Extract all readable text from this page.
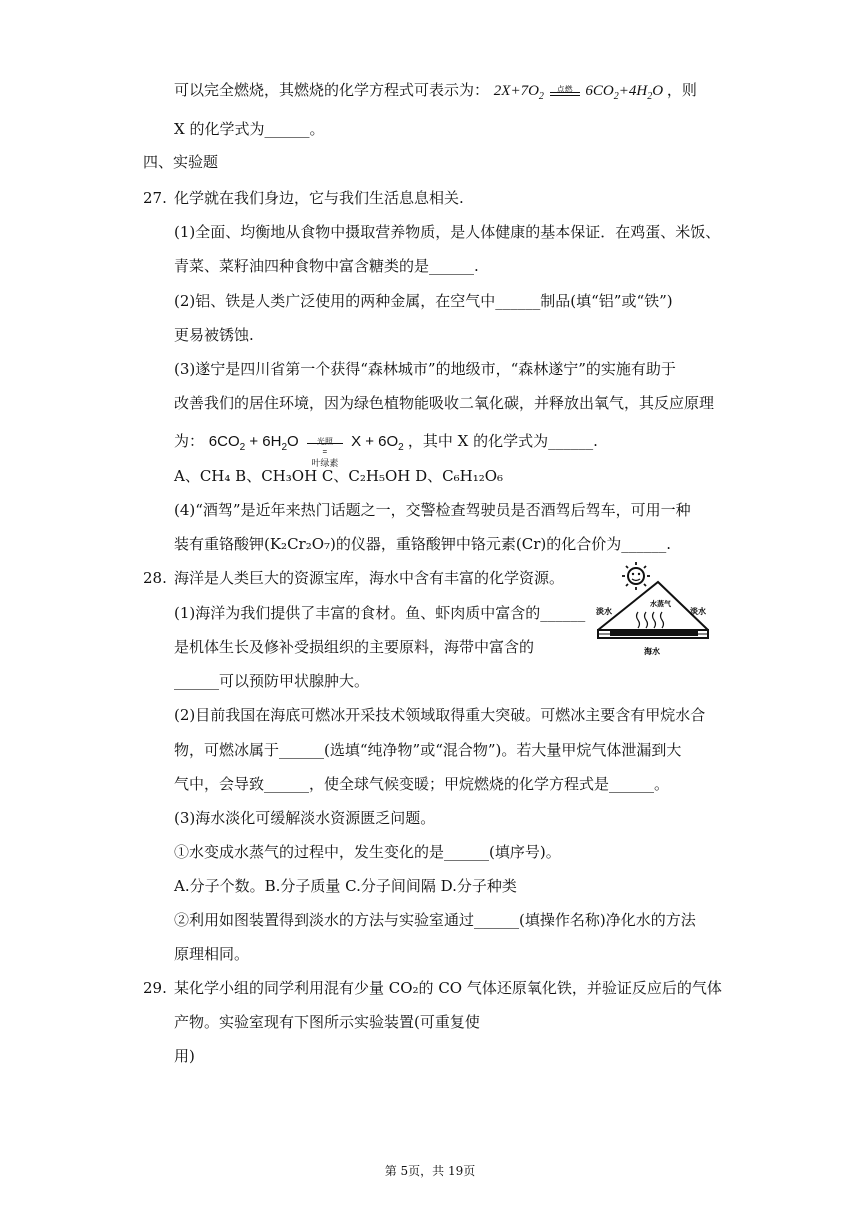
可以完全燃烧，其燃烧的化学方程式可表示为： $2X+7O_2$
点燃 $6CO_2+4H_2O$ ，则
X 的化学式为______。
四、实验题
27. 化学就在我们身边，它与我们生活息息相关.
(1)全面、均衡地从食物中摄取营养物质，是人体健康的基本保证．在鸡蛋、米饭、
青菜、菜籽油四种食物中富含糖类的是______.
(2)铝、铁是人类广泛使用的两种金属，在空气中______制品(填“铝”或“铁”)
更易被锈蚀.
(3)遂宁是四川省第一个获得“森林城市”的地级市，“森林遂宁”的实施有助于
改善我们的居住环境，因为绿色植物能吸收二氧化碳，并释放出氧气，其反应原理
为： $6CO_2 + 6H_2O$	光照
=
叶绿素
$X + 6O_2$ ，其中 X 的化学式为______.
A、CH₄ B、CH₃OH C、C₂H₅OH D、C₆H₁₂O₆
(4)“酒驾”是近年来热门话题之一，交警检查驾驶员是否酒驾后驾车，可用一种
装有重铬酸钾(K₂Cr₂O₇)的仪器，重铬酸钾中铬元素(Cr)的化合价为______.
28. 海洋是人类巨大的资源宝库，海水中含有丰富的化学资源。
(1)海洋为我们提供了丰富的食材。鱼、虾肉质中富含的______
是机体生长及修补受损组织的主要原料，海带中富含的
______可以预防甲状腺肿大。
淡水
水蒸气
淡水
海水
(2)目前我国在海底可燃冰开采技术领域取得重大突破。可燃冰主要含有甲烷水合
物，可燃冰属于______(选填“纯净物”或“混合物”)。若大量甲烷气体泄漏到大
气中，会导致______，使全球气候变暖；甲烷燃烧的化学方程式是______。
(3)海水淡化可缓解淡水资源匮乏问题。
①水变成水蒸气的过程中，发生变化的是______(填序号)。
A.分子个数。B.分子质量 C.分子间间隔 D.分子种类
②利用如图装置得到淡水的方法与实验室通过______(填操作名称)净化水的方法
原理相同。
29. 某化学小组的同学利用混有少量 CO₂的 CO 气体还原氧化铁，并验证反应后的气体
产物。实验室现有下图所示实验装置(可重复使
用)
第 5页，共 19页
